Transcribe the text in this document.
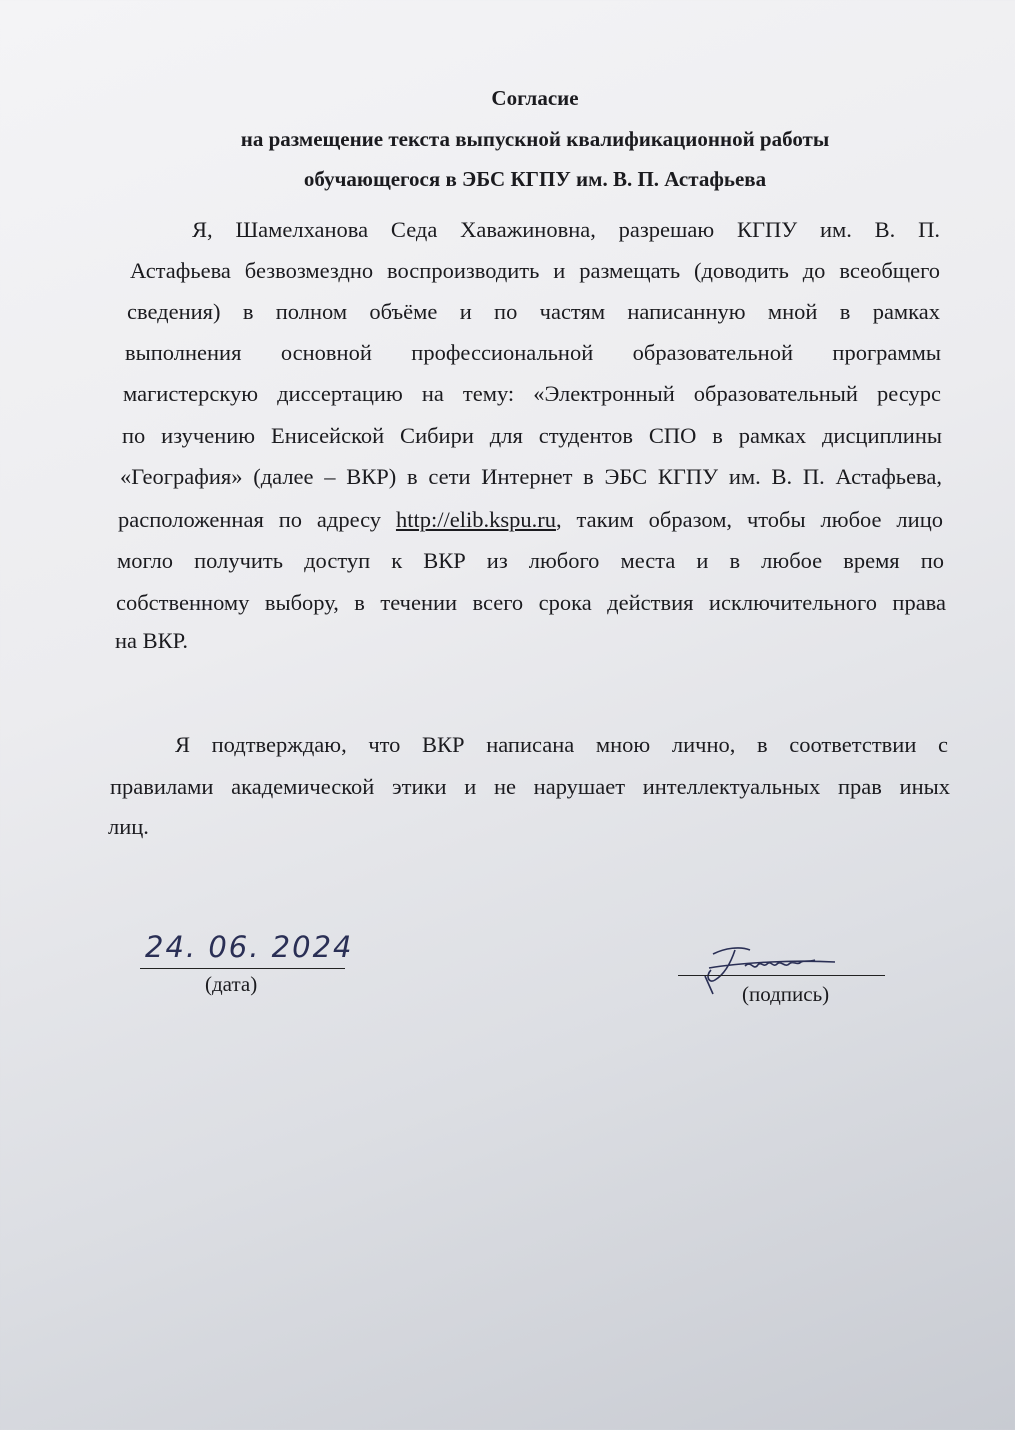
Согласие
на размещение текста выпускной квалификационной работы
обучающегося в ЭБС КГПУ им. В. П. Астафьева
Я, Шамелханова Седа Хаважиновна, разрешаю КГПУ им. В. П.
Астафьева безвозмездно воспроизводить и размещать (доводить до всеобщего
сведения) в полном объёме и по частям написанную мной в рамках
выполнения основной профессиональной образовательной программы
магистерскую диссертацию на тему: «Электронный образовательный ресурс
по изучению Енисейской Сибири для студентов СПО в рамках дисциплины
«География» (далее – ВКР) в сети Интернет в ЭБС КГПУ им. В. П. Астафьева,
расположенная по адресу http://elib.kspu.ru, таким образом, чтобы любое лицо
могло получить доступ к ВКР из любого места и в любое время по
собственному выбору, в течении всего срока действия исключительного права
на ВКР.
Я подтверждаю, что ВКР написана мною лично, в соответствии с
правилами академической этики и не нарушает интеллектуальных прав иных
лиц.
24. 06. 2024
(дата)	(подпись)
